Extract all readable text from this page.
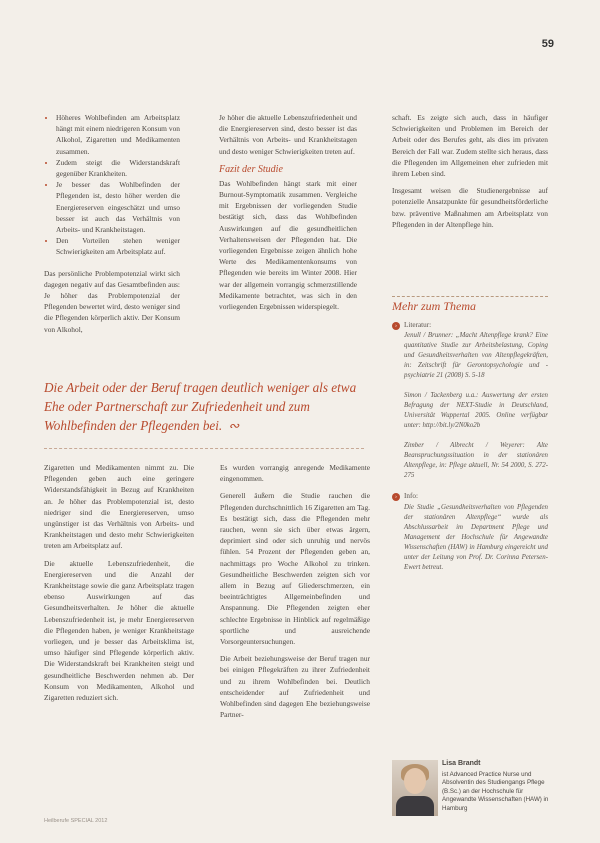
59
• Höheres Wohlbefinden am Arbeitsplatz hängt mit einem niedrigeren Konsum von Alkohol, Zigaretten und Medikamenten zusammen.
• Zudem steigt die Widerstandskraft gegenüber Krankheiten.
• Je besser das Wohlbefinden der Pflegenden ist, desto höher werden die Energiereserven eingeschätzt und umso besser ist auch das Verhältnis von Arbeits- und Krankheitstagen.
• Den Vorteilen stehen weniger Schwierigkeiten am Arbeitsplatz auf.

Das persönliche Problempotenzial wirkt sich dagegen negativ auf das Gesamtbefinden aus: Je höher das Problempotenzial der Pflegenden bewertet wird, desto weniger sind die Pflegenden körperlich aktiv. Der Konsum von Alkohol,

Je höher die aktuelle Lebenszufriedenheit und die Energiereserven sind, desto besser ist das Verhältnis von Arbeits- und Krankheitstagen und desto weniger Schwierigkeiten treten auf.

Fazit der Studie

Das Wohlbefinden hängt stark mit einer Burnout-Symptomatik zusammen. Vergleiche mit Ergebnissen der vorliegenden Studie bestätigt sich, dass das Wohlbefinden Auswirkungen auf die gesundheitlichen Verhaltensweisen der Pflegenden hat. Die vorliegenden Ergebnisse zeigen ähnlich hohe Werte des Medikamentenkonsums von Pflegenden wie bereits im Winter 2008. Hier war der allgemein vorrangig schmerzstillende Medikamente betrachtet, was sich in den vorliegenden Ergebnissen widerspiegelt.

schaft. Es zeigte sich auch, dass in häufiger Schwierigkeiten und Problemen im Bereich der Arbeit oder des Berufes geht, als dies im privaten Bereich der Fall war. Zudem stellte sich heraus, dass die Pflegenden im Allgemeinen eher zufrieden mit ihrem Leben sind.

Insgesamt weisen die Studienergebnisse auf potenzielle Ansatzpunkte für gesundheitsförderliche bzw. präventive Maßnahmen am Arbeitsplatz von Pflegenden in der Altenpflege hin.

Die Arbeit oder der Beruf tragen deutlich weniger als etwa Ehe oder Partnerschaft zur Zufriedenheit und zum Wohlbefinden der Pflegenden bei. ∾

Zigaretten und Medikamenten nimmt zu. Die Pflegenden geben auch eine geringere Widerstandsfähigkeit in Bezug auf Krankheiten an. Je höher das Problempotenzial ist, desto niedriger sind die Energiereserven, umso ungünstiger ist das Verhältnis von Arbeits- und Krankheitstagen und desto mehr Schwierigkeiten treten am Arbeitsplatz auf.

Die aktuelle Lebenszufriedenheit, die Energiereserven und die Anzahl der Krankheitstage sowie die ganz Arbeitsplatz tragen ebenso Auswirkungen auf das Gesundheitsverhalten. Je höher die aktuelle Lebenszufriedenheit ist, je mehr Energiereserven die Pflegenden haben, je weniger Krankheitstage vorliegen, und je besser das Arbeitsklima ist, umso häufiger sind Pflegende körperlich aktiv. Die Widerstandskraft bei Krankheiten steigt und gesundheitliche Beschwerden nehmen ab. Der Konsum von Medikamenten, Alkohol und Zigaretten reduziert sich.

Es wurden vorrangig anregende Medikamente eingenommen.

Generell äußern die Studie rauchen die Pflegenden durchschnittlich 16 Zigaretten am Tag. Es bestätigt sich, dass die Pflegenden mehr rauchen, wenn sie sich über etwas ärgern, deprimiert sind oder sich unruhig und nervös fühlen. 54 Prozent der Pflegenden geben an, nachmittags pro Woche Alkohol zu trinken. Gesundheitliche Beschwerden zeigten sich vor allem in Bezug auf Gliederschmerzen, ein beeinträchtigtes Allgemeinbefinden und Anspannung. Die Pflegenden zeigten eher schlechte Ergebnisse in Hinblick auf regelmäßige sportliche und ausreichende Vorsorgeuntersuchungen.

Die Arbeit beziehungsweise der Beruf tragen nur bei einigen Pflegekräften zu ihrer Zufriedenheit und zu ihrem Wohlbefinden bei. Deutlich entscheidender auf Zufriedenheit und Wohlbefinden sind dagegen Ehe beziehungsweise Partner-

Mehr zum Thema
› Literatur:
Jenull / Brunner: „Macht Altenpflege krank? Eine quantitative Studie zur Arbeitsbelastung, Coping und Gesundheitsverhalten von Altenpflegekräften, in: Zeitschrift für Gerontopsychologie und -psychiatrie 21 (2008) S. 5-18
Simon / Tackenberg u.a.: Auswertung der ersten Befragung der NEXT-Studie in Deutschland, Universität Wuppertal 2005. Online verfügbar unter: http://bit.ly/2N0ko2b
Zimber / Albrecht / Weyerer: Alte Beanspruchungssituation in der stationären Altenpflege, in: Pflege aktuell, Nr. 54 2000, S. 272-275
› Info:
Die Studie „Gesundheitsverhalten von Pflegenden der stationären Altenpflege“ wurde als Abschlussarbeit im Department Pflege und Management der Hochschule für Angewandte Wissenschaften (HAW) in Hamburg eingereicht und unter der Leitung von Prof. Dr. Corinna Petersen-Ewert betreut.
Lisa Brandt
ist Advanced Practice Nurse und Absolventin des Studiengangs Pflege (B.Sc.) an der Hochschule für Angewandte Wissenschaften (HAW) in Hamburg
Heilberufe SPECIAL 2012
